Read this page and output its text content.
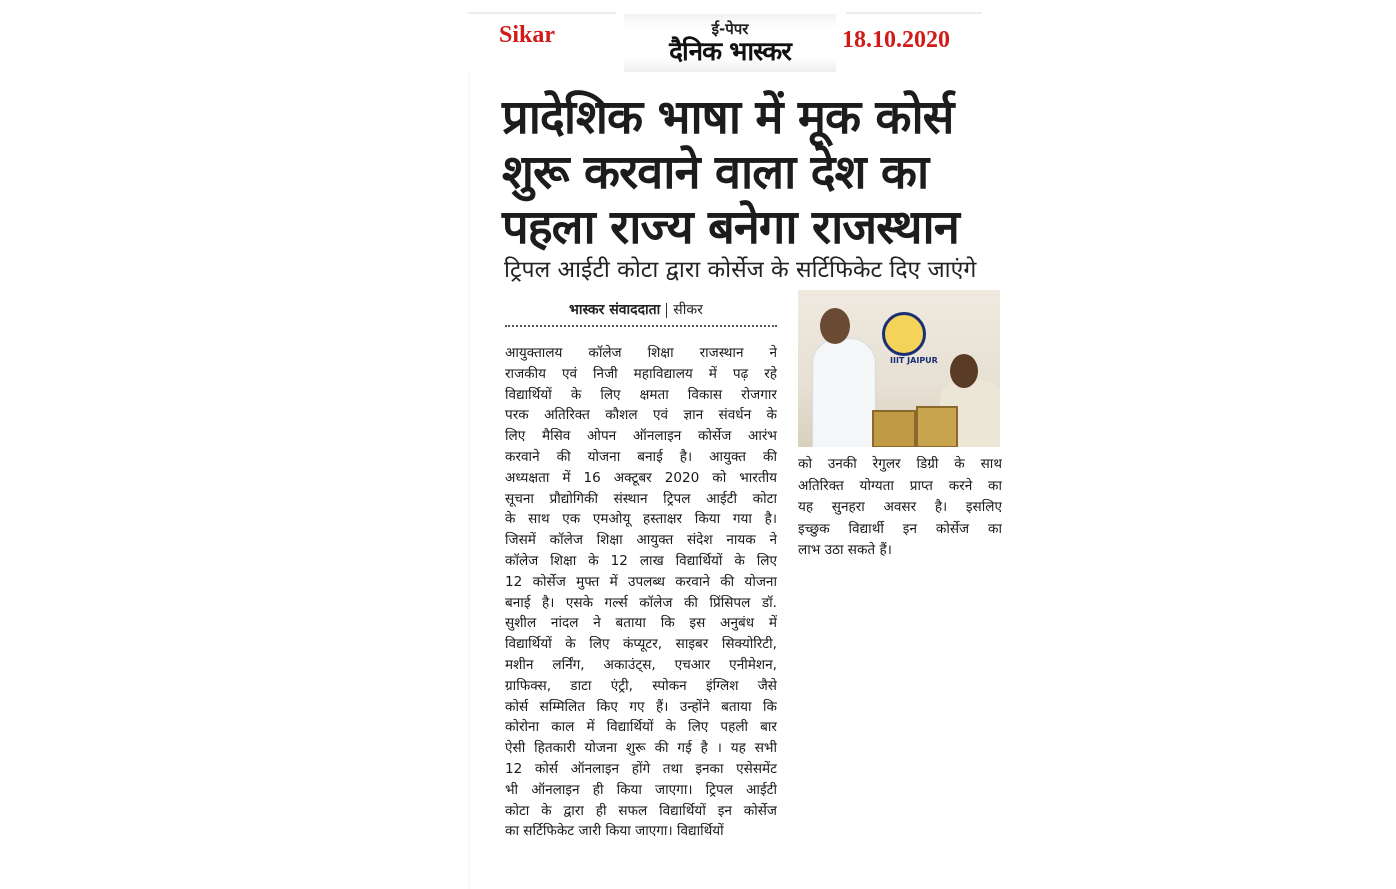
Sikar	ई-पेपर
दैनिक भास्कर	18.10.2020
प्रादेशिक भाषा में मूक कोर्स
शुरू करवाने वाला देश का
पहला राज्य बनेगा राजस्थान
ट्रिपल आईटी कोटा द्वारा कोर्सेज के सर्टिफिकेट दिए जाएंगे
भास्कर संवाददाता सीकर
आयुक्तालय कॉलेज शिक्षा राजस्थान ने
राजकीय एवं निजी महाविद्यालय में पढ़ रहे
विद्यार्थियों के लिए क्षमता विकास रोजगार
परक अतिरिक्त कौशल एवं ज्ञान संवर्धन के
लिए मैसिव ओपन ऑनलाइन कोर्सेज आरंभ
करवाने की योजना बनाई है। आयुक्त की
अध्यक्षता में 16 अक्टूबर 2020 को भारतीय
सूचना प्रौद्योगिकी संस्थान ट्रिपल आईटी कोटा
के साथ एक एमओयू हस्ताक्षर किया गया है।
जिसमें कॉलेज शिक्षा आयुक्त संदेश नायक ने
कॉलेज शिक्षा के 12 लाख विद्यार्थियों के लिए
12 कोर्सेज मुफ्त में उपलब्ध करवाने की योजना
बनाई है। एसके गर्ल्स कॉलेज की प्रिंसिपल डॉ.
सुशील नांदल ने बताया कि इस अनुबंध में
विद्यार्थियों के लिए कंप्यूटर, साइबर सिक्योरिटी,
मशीन लर्निंग, अकाउंट्स, एचआर एनीमेशन,
ग्राफिक्स, डाटा एंट्री, स्पोकन इंग्लिश जैसे
कोर्स सम्मिलित किए गए हैं। उन्होंने बताया कि
कोरोना काल में विद्यार्थियों के लिए पहली बार
ऐसी हितकारी योजना शुरू की गई है । यह सभी
12 कोर्स ऑनलाइन होंगे तथा इनका एसेसमेंट
भी ऑनलाइन ही किया जाएगा। ट्रिपल आईटी
कोटा के द्वारा ही सफल विद्यार्थियों इन कोर्सेज
का सर्टिफिकेट जारी किया जाएगा। विद्यार्थियों
IIIT JAIPUR
को उनकी रेगुलर डिग्री के साथ
अतिरिक्त योग्यता प्राप्त करने का
यह सुनहरा अवसर है। इसलिए
इच्छुक विद्यार्थी इन कोर्सेज का
लाभ उठा सकते हैं।
